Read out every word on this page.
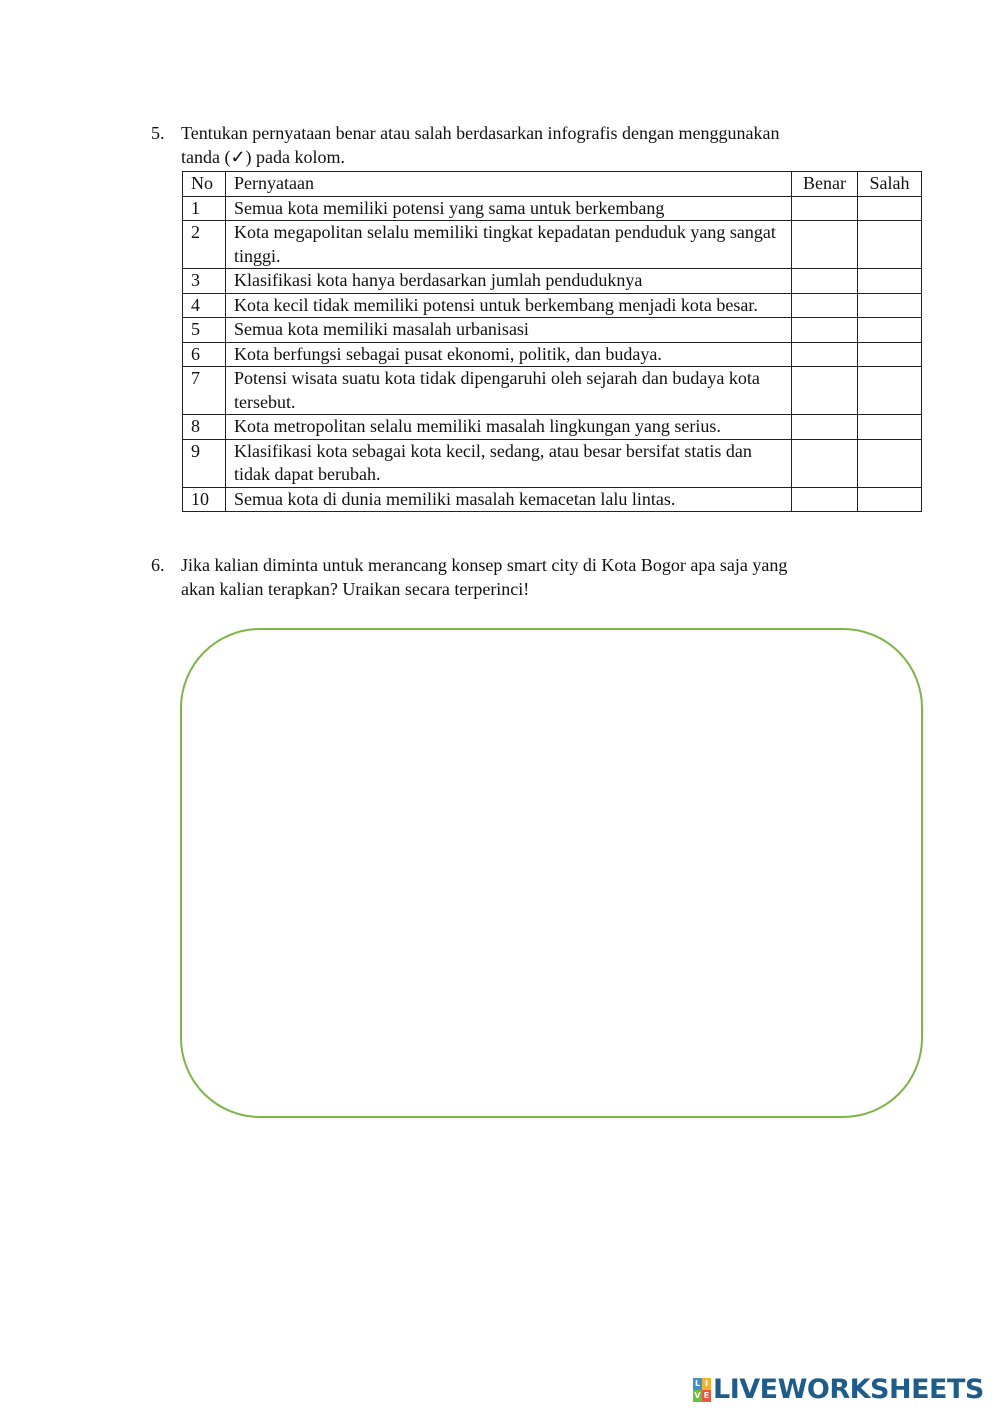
5. Tentukan pernyataan benar atau salah berdasarkan infografis dengan menggunakan
tanda (✓) pada kolom.
No	Pernyataan	Benar	Salah
1	Semua kota memiliki potensi yang sama untuk berkembang		
2	Kota megapolitan selalu memiliki tingkat kepadatan penduduk yang sangat tinggi.		
3	Klasifikasi kota hanya berdasarkan jumlah penduduknya		
4	Kota kecil tidak memiliki potensi untuk berkembang menjadi kota besar.		
5	Semua kota memiliki masalah urbanisasi		
6	Kota berfungsi sebagai pusat ekonomi, politik, dan budaya.		
7	Potensi wisata suatu kota tidak dipengaruhi oleh sejarah dan budaya kota tersebut.		
8	Kota metropolitan selalu memiliki masalah lingkungan yang serius.		
9	Klasifikasi kota sebagai kota kecil, sedang, atau besar bersifat statis dan tidak dapat berubah.		
10	Semua kota di dunia memiliki masalah kemacetan lalu lintas.		
6. Jika kalian diminta untuk merancang konsep smart city di Kota Bogor apa saja yang
akan kalian terapkan? Uraikan secara terperinci!
L I
V E LIVEWORKSHEETS
